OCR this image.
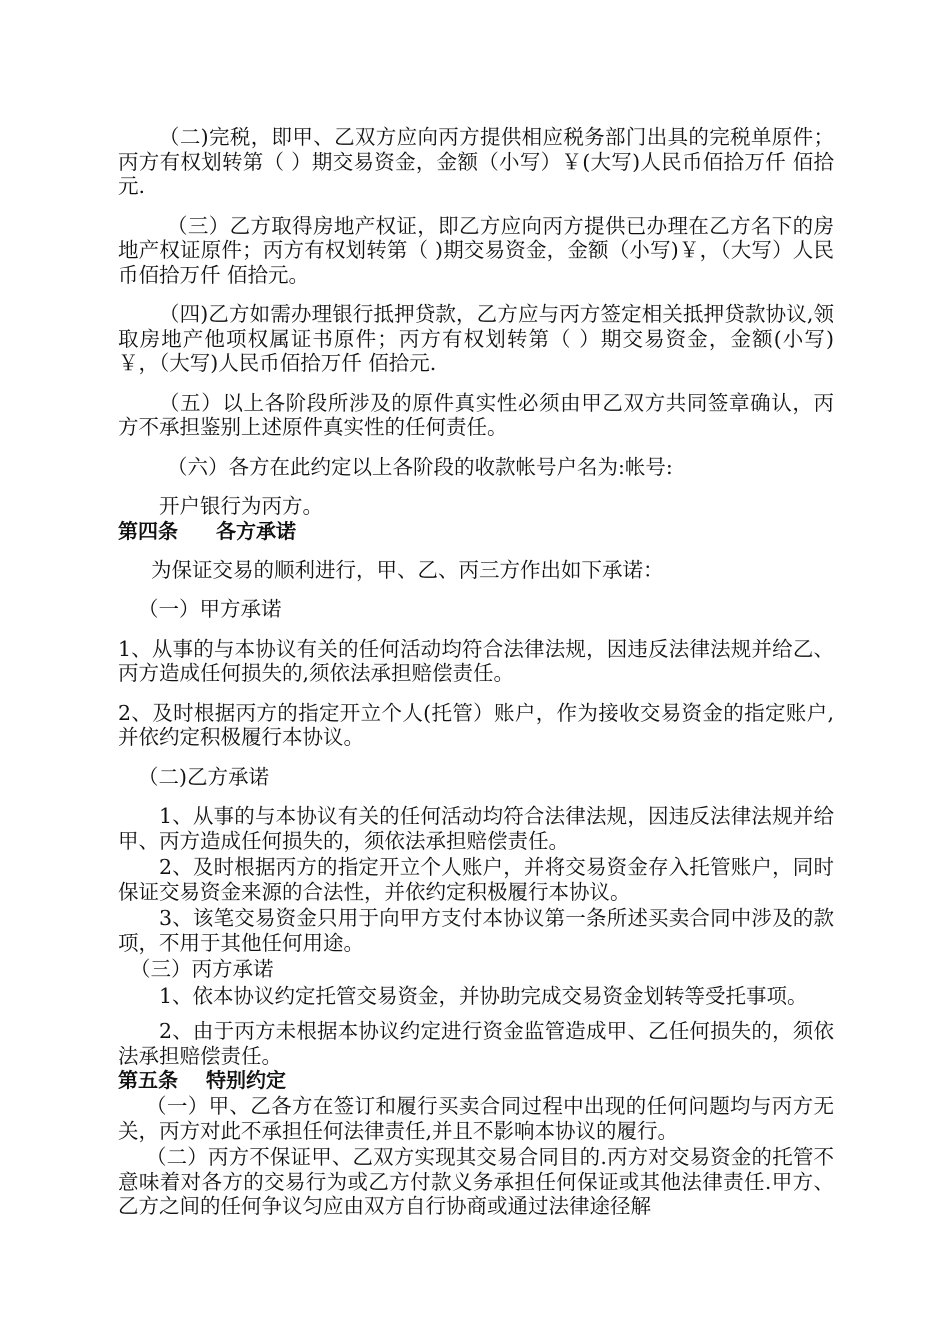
（二)完税，即甲、乙双方应向丙方提供相应税务部门出具的完税单原件；丙方有权划转第（ ）期交易资金，金额（小写）￥(大写)人民币佰拾万仟 佰拾元.

（三）乙方取得房地产权证，即乙方应向丙方提供已办理在乙方名下的房地产权证原件；丙方有权划转第（ )期交易资金，金额（小写)￥，（大写）人民币佰拾万仟 佰拾元。

（四)乙方如需办理银行抵押贷款，乙方应与丙方签定相关抵押贷款协议,领取房地产他项权属证书原件；丙方有权划转第（ ）期交易资金，金额(小写)￥，（大写)人民币佰拾万仟 佰拾元.

（五）以上各阶段所涉及的原件真实性必须由甲乙双方共同签章确认，丙方不承担鉴别上述原件真实性的任何责任。

（六）各方在此约定以上各阶段的收款帐号户名为:帐号:

开户银行为丙方。

第四条 各方承诺

为保证交易的顺利进行，甲、乙、丙三方作出如下承诺：

（一）甲方承诺

1、从事的与本协议有关的任何活动均符合法律法规，因违反法律法规并给乙、丙方造成任何损失的,须依法承担赔偿责任。

2、及时根据丙方的指定开立个人(托管）账户，作为接收交易资金的指定账户,并依约定积极履行本协议。

（二)乙方承诺

1、从事的与本协议有关的任何活动均符合法律法规，因违反法律法规并给甲、丙方造成任何损失的，须依法承担赔偿责任。

2、及时根据丙方的指定开立个人账户，并将交易资金存入托管账户，同时保证交易资金来源的合法性，并依约定积极履行本协议。

3、该笔交易资金只用于向甲方支付本协议第一条所述买卖合同中涉及的款项，不用于其他任何用途。

（三）丙方承诺

1、依本协议约定托管交易资金，并协助完成交易资金划转等受托事项。

2、由于丙方未根据本协议约定进行资金监管造成甲、乙任何损失的，须依法承担赔偿责任。

第五条 特别约定

（一）甲、乙各方在签订和履行买卖合同过程中出现的任何问题均与丙方无关，丙方对此不承担任何法律责任,并且不影响本协议的履行。

（二）丙方不保证甲、乙双方实现其交易合同目的.丙方对交易资金的托管不意味着对各方的交易行为或乙方付款义务承担任何保证或其他法律责任.甲方、乙方之间的任何争议匀应由双方自行协商或通过法律途径解
